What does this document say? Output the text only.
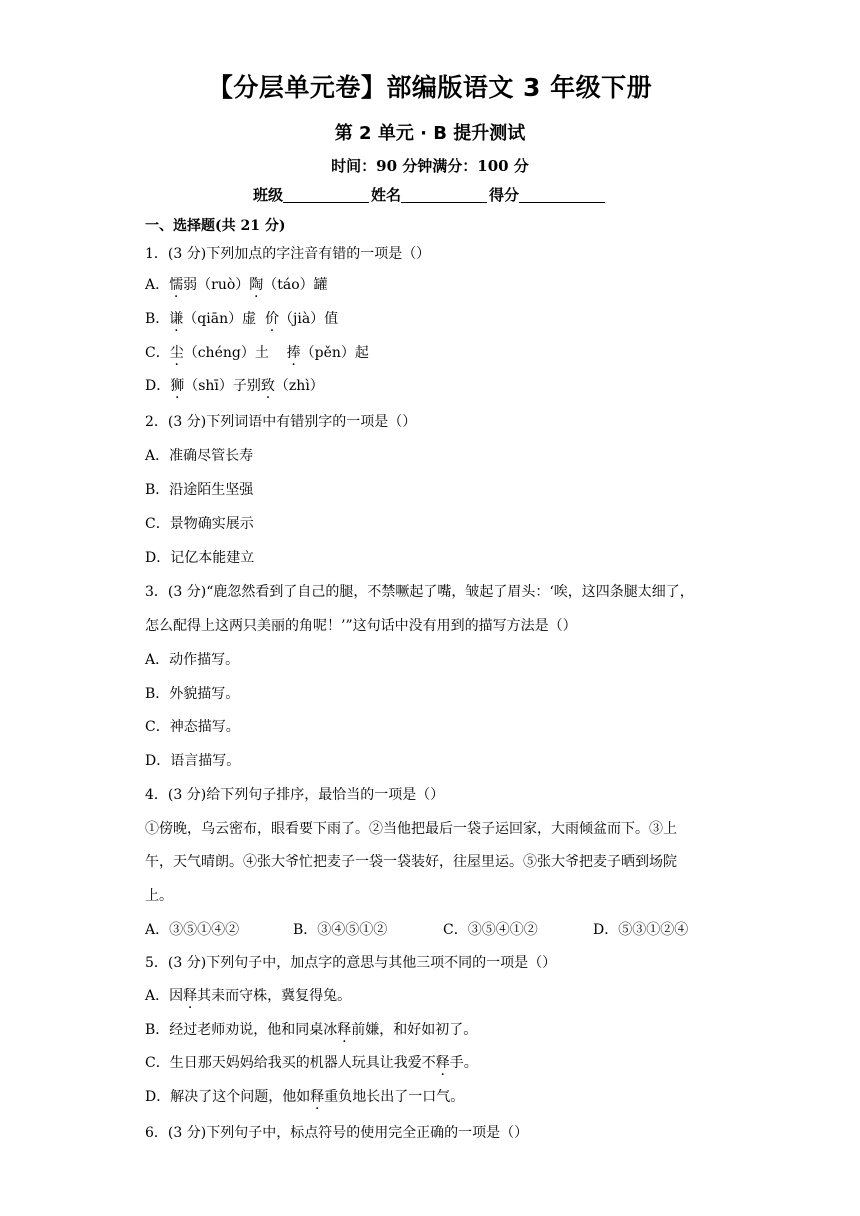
【分层单元卷】部编版语文 3 年级下册
第 2 单元 · B 提升测试
时间：90 分钟满分：100 分
班级	姓名	得分
一、选择题(共 21 分)
1．(3 分)下列加点的字注音有错的一项是（）
A．懦弱（ruò）陶（táo）罐
B．谦（qiān）虚  价（jià）值
C．尘（chéng）土    捧（pěn）起
D．狮（shī）子别致（zhì）
2．(3 分)下列词语中有错别字的一项是（）
A．准确尽管长寿
B．沿途陌生坚强
C．景物确实展示
D．记亿本能建立
3．(3 分)“鹿忽然看到了自己的腿，不禁噘起了嘴，皱起了眉头：‘唉，这四条腿太细了，
怎么配得上这两只美丽的角呢！’”这句话中没有用到的描写方法是（）
A．动作描写。
B．外貌描写。
C．神态描写。
D．语言描写。
4．(3 分)给下列句子排序，最恰当的一项是（）
①傍晚，乌云密布，眼看要下雨了。②当他把最后一袋子运回家，大雨倾盆而下。③上
午，天气晴朗。④张大爷忙把麦子一袋一袋装好，往屋里运。⑤张大爷把麦子晒到场院
上。
A．③⑤①④②	B．③④⑤①②	C．③⑤④①②	D．⑤③①②④
5．(3 分)下列句子中，加点字的意思与其他三项不同的一项是（）
A．因释其耒而守株，冀复得兔。
B．经过老师劝说，他和同桌冰释前嫌，和好如初了。
C．生日那天妈妈给我买的机器人玩具让我爱不释手。
D．解决了这个问题，他如释重负地长出了一口气。
6．(3 分)下列句子中，标点符号的使用完全正确的一项是（）
